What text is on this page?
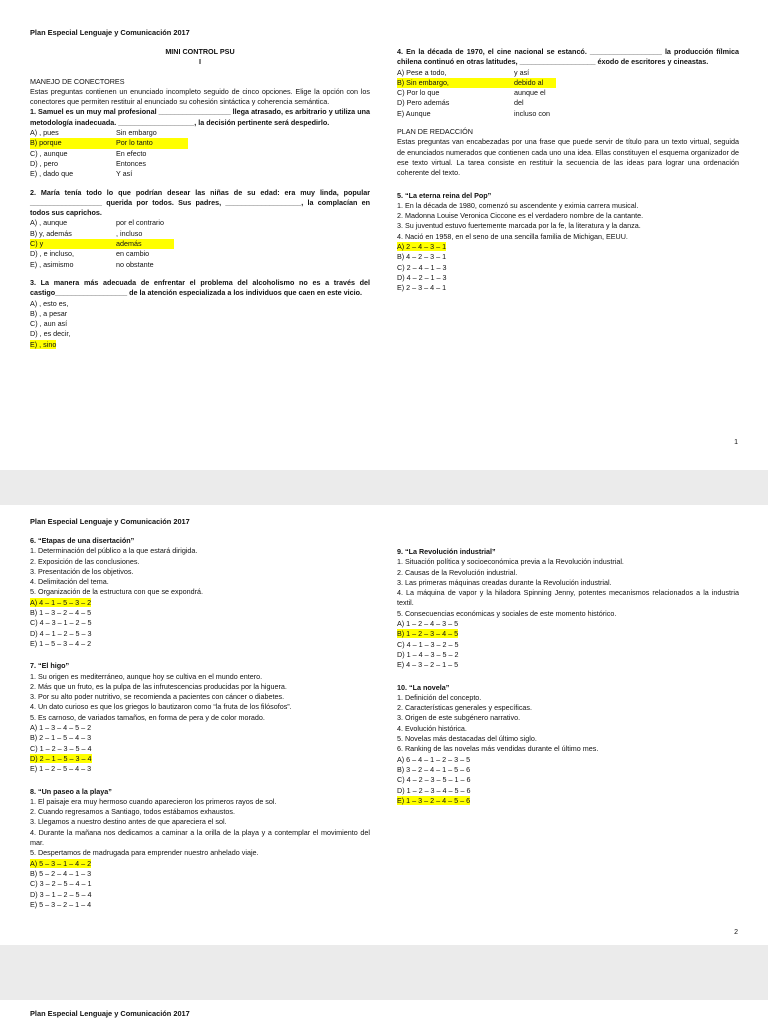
Plan Especial Lenguaje y Comunicación 2017

MINI CONTROL PSU

I

MANEJO DE CONECTORES

Estas preguntas contienen un enunciado incompleto seguido de cinco opciones. Elige la opción con los conectores que permiten restituir al enunciado su cohesión sintáctica y coherencia semántica.

1. Samuel es un muy mal profesional __________________ llega atrasado, es arbitrario y utiliza una metodología inadecuada. ___________________, la decisión pertinente será despedirlo.

A) , pues	Sin embargo
B) porque	Por lo tanto
C) , aunque	En efecto
D) , pero	Entonces
E) , dado que	Y así

2. María tenía todo lo que podrían desear las niñas de su edad: era muy linda, popular __________________ querida por todos. Sus padres, ___________________, la complacían en todos sus caprichos.

A) , aunque	por el contrario
B) y, además	, incluso
C) y	además
D) , e incluso,	en cambio
E) , asimismo	no obstante

3. La manera más adecuada de enfrentar el problema del alcoholismo no es a través del castigo__________________ de la atención especializada a los individuos que caen en este vicio.

A) , esto es,

B) , a pesar

C) , aun así

D) , es decir,

E) , sino

4. En la década de 1970, el cine nacional se estancó. __________________ la producción fílmica chilena continuó en otras latitudes, ___________________ éxodo de escritores y cineastas.

A) Pese a todo,	y así
B) Sin embargo,	debido al
C) Por lo que	aunque el
D) Pero además	del
E) Aunque	incluso con

PLAN DE REDACCIÓN

Estas preguntas van encabezadas por una frase que puede servir de título para un texto virtual, seguida de enunciados numerados que contienen cada uno una idea. Ellas constituyen el esquema organizador de ese texto virtual. La tarea consiste en restituir la secuencia de las ideas para lograr una ordenación coherente del texto.

5. “La eterna reina del Pop”

1. En la década de 1980, comenzó su ascendente y eximia carrera musical.

2. Madonna Louise Veronica Ciccone es el verdadero nombre de la cantante.

3. Su juventud estuvo fuertemente marcada por la fe, la literatura y la danza.

4. Nació en 1958, en el seno de una sencilla familia de Michigan, EEUU.

A) 2 – 4 – 3 – 1

B) 4 – 2 – 3 – 1

C) 2 – 4 – 1 – 3

D) 4 – 2 – 1 – 3

E) 2 – 3 – 4 – 1

1
Plan Especial Lenguaje y Comunicación 2017

6. “Etapas de una disertación”

1. Determinación del público a la que estará dirigida.

2. Exposición de las conclusiones.

3. Presentación de los objetivos.

4. Delimitación del tema.

5. Organización de la estructura con que se expondrá.

A) 4 – 1 – 5 – 3 – 2

B) 1 – 3 – 2 – 4 – 5

C) 4 – 3 – 1 – 2 – 5

D) 4 – 1 – 2 – 5 – 3

E) 1 – 5 – 3 – 4 – 2

7. “El higo”

1. Su origen es mediterráneo, aunque hoy se cultiva en el mundo entero.

2. Más que un fruto, es la pulpa de las infrutescencias producidas por la higuera.

3. Por su alto poder nutritivo, se recomienda a pacientes con cáncer o diabetes.

4. Un dato curioso es que los griegos lo bautizaron como “la fruta de los filósofos”.

5. Es carnoso, de variados tamaños, en forma de pera y de color morado.

A) 1 – 3 – 4 – 5 – 2

B) 2 – 1 – 5 – 4 – 3

C) 1 – 2 – 3 – 5 – 4

D) 2 – 1 – 5 – 3 – 4

E) 1 – 2 – 5 – 4 – 3

8. “Un paseo a la playa”

1. El paisaje era muy hermoso cuando aparecieron los primeros rayos de sol.

2. Cuando regresamos a Santiago, todos estábamos exhaustos.

3. Llegamos a nuestro destino antes de que apareciera el sol.

4. Durante la mañana nos dedicamos a caminar a la orilla de la playa y a contemplar el movimiento del mar.

5. Despertamos de madrugada para emprender nuestro anhelado viaje.

A) 5 – 3 – 1 – 4 – 2

B) 5 – 2 – 4 – 1 – 3

C) 3 – 2 – 5 – 4 – 1

D) 3 – 1 – 2 – 5 – 4

E) 5 – 3 – 2 – 1 – 4

9. “La Revolución industrial”

1. Situación política y socioeconómica previa a la Revolución industrial.

2. Causas de la Revolución industrial.

3. Las primeras máquinas creadas durante la Revolución industrial.

4. La máquina de vapor y la hiladora Spinning Jenny, potentes mecanismos relacionados a la industria textil.

5. Consecuencias económicas y sociales de este momento histórico.

A) 1 – 2 – 4 – 3 – 5

B) 1 – 2 – 3 – 4 – 5

C) 4 – 1 – 3 – 2 – 5

D) 1 – 4 – 3 – 5 – 2

E) 4 – 3 – 2 – 1 – 5

10. “La novela”

1. Definición del concepto.

2. Características generales y específicas.

3. Origen de este subgénero narrativo.

4. Evolución histórica.

5. Novelas más destacadas del último siglo.

6. Ranking de las novelas más vendidas durante el último mes.

A) 6 – 4 – 1 – 2 – 3 – 5

B) 3 – 2 – 4 – 1 – 5 – 6

C) 4 – 2 – 3 – 5 – 1 – 6

D) 1 – 2 – 3 – 4 – 5 – 6

E) 1 – 3 – 2 – 4 – 5 – 6

2
Plan Especial Lenguaje y Comunicación 2017
